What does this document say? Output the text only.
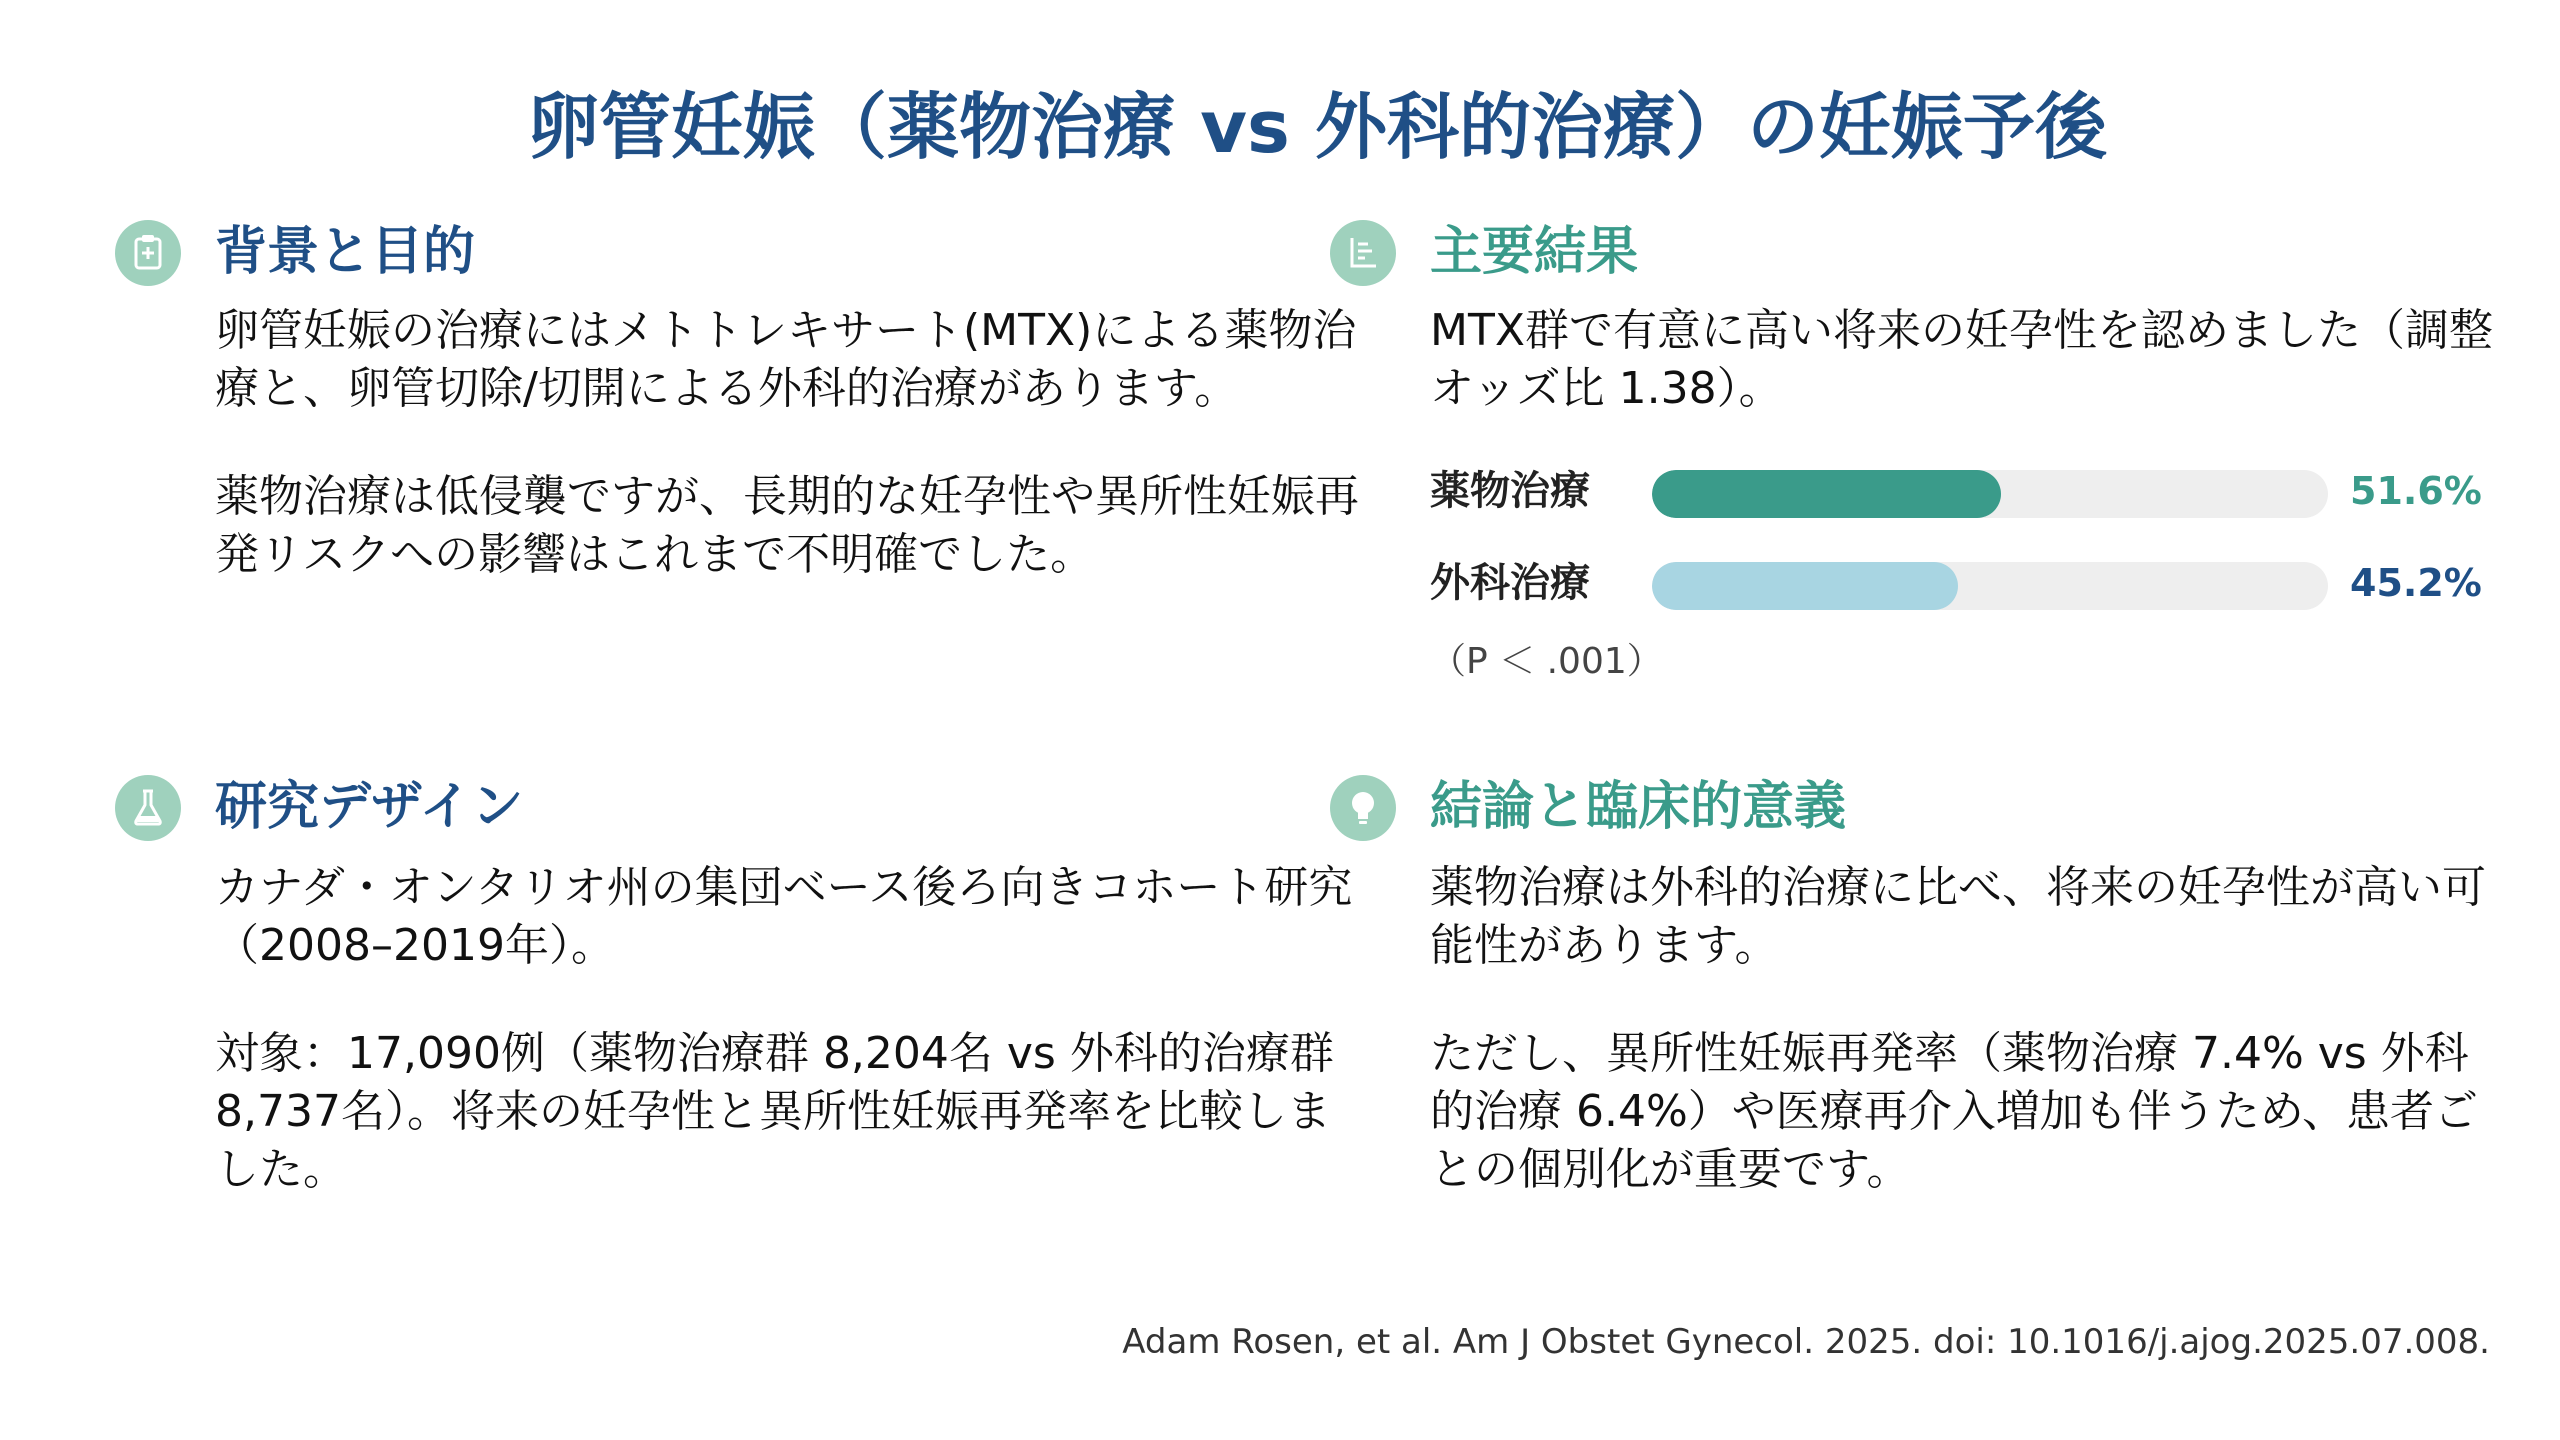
卵管妊娠（薬物治療 vs 外科的治療）の妊娠予後
背景と目的

卵管妊娠の治療にはメトトレキサート(MTX)による薬物治療と、卵管切除/切開による外科的治療があります。

薬物治療は低侵襲ですが、長期的な妊孕性や異所性妊娠再発リスクへの影響はこれまで不明確でした。

主要結果

MTX群で有意に高い将来の妊孕性を認めました（調整オッズ比 1.38）。

薬物治療	51.6%
外科治療	45.2%

（P ＜ .001）

研究デザイン

カナダ・オンタリオ州の集団ベース後ろ向きコホート研究（2008–2019年）。

対象：17,090例（薬物治療群 8,204名 vs 外科的治療群 8,737名）。将来の妊孕性と異所性妊娠再発率を比較しました。

結論と臨床的意義

薬物治療は外科的治療に比べ、将来の妊孕性が高い可能性があります。

ただし、異所性妊娠再発率（薬物治療 7.4% vs 外科的治療 6.4%）や医療再介入増加も伴うため、患者ごとの個別化が重要です。

Adam Rosen, et al. Am J Obstet Gynecol. 2025. doi: 10.1016/j.ajog.2025.07.008.
